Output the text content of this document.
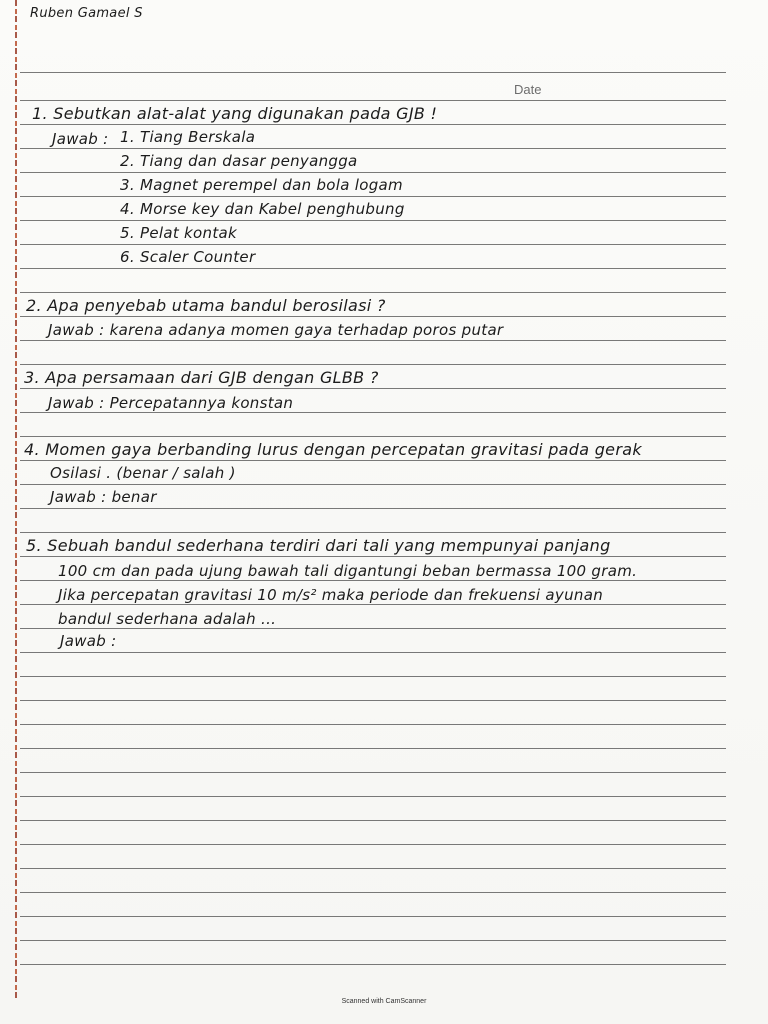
Ruben Gamael S
Date
1. Sebutkan alat-alat yang digunakan pada GJB !
Jawab : 1. Tiang Berskala
2. Tiang dan dasar penyangga
3. Magnet perempel dan bola logam
4. Morse key dan Kabel penghubung
5. Pelat kontak
6. Scaler Counter
2. Apa penyebab utama bandul berosilasi ?
Jawab : karena adanya momen gaya terhadap poros putar
3. Apa persamaan dari GJB dengan GLBB ?
Jawab : Percepatannya konstan
4. Momen gaya berbanding lurus dengan percepatan gravitasi pada gerak
Osilasi . (benar / salah )
Jawab : benar
5. Sebuah bandul sederhana terdiri dari tali yang mempunyai panjang
100 cm dan pada ujung bawah tali digantungi beban bermassa 100 gram.
Jika percepatan gravitasi 10 m/s² maka periode dan frekuensi ayunan
bandul sederhana adalah ...
Jawab :
Scanned with CamScanner
